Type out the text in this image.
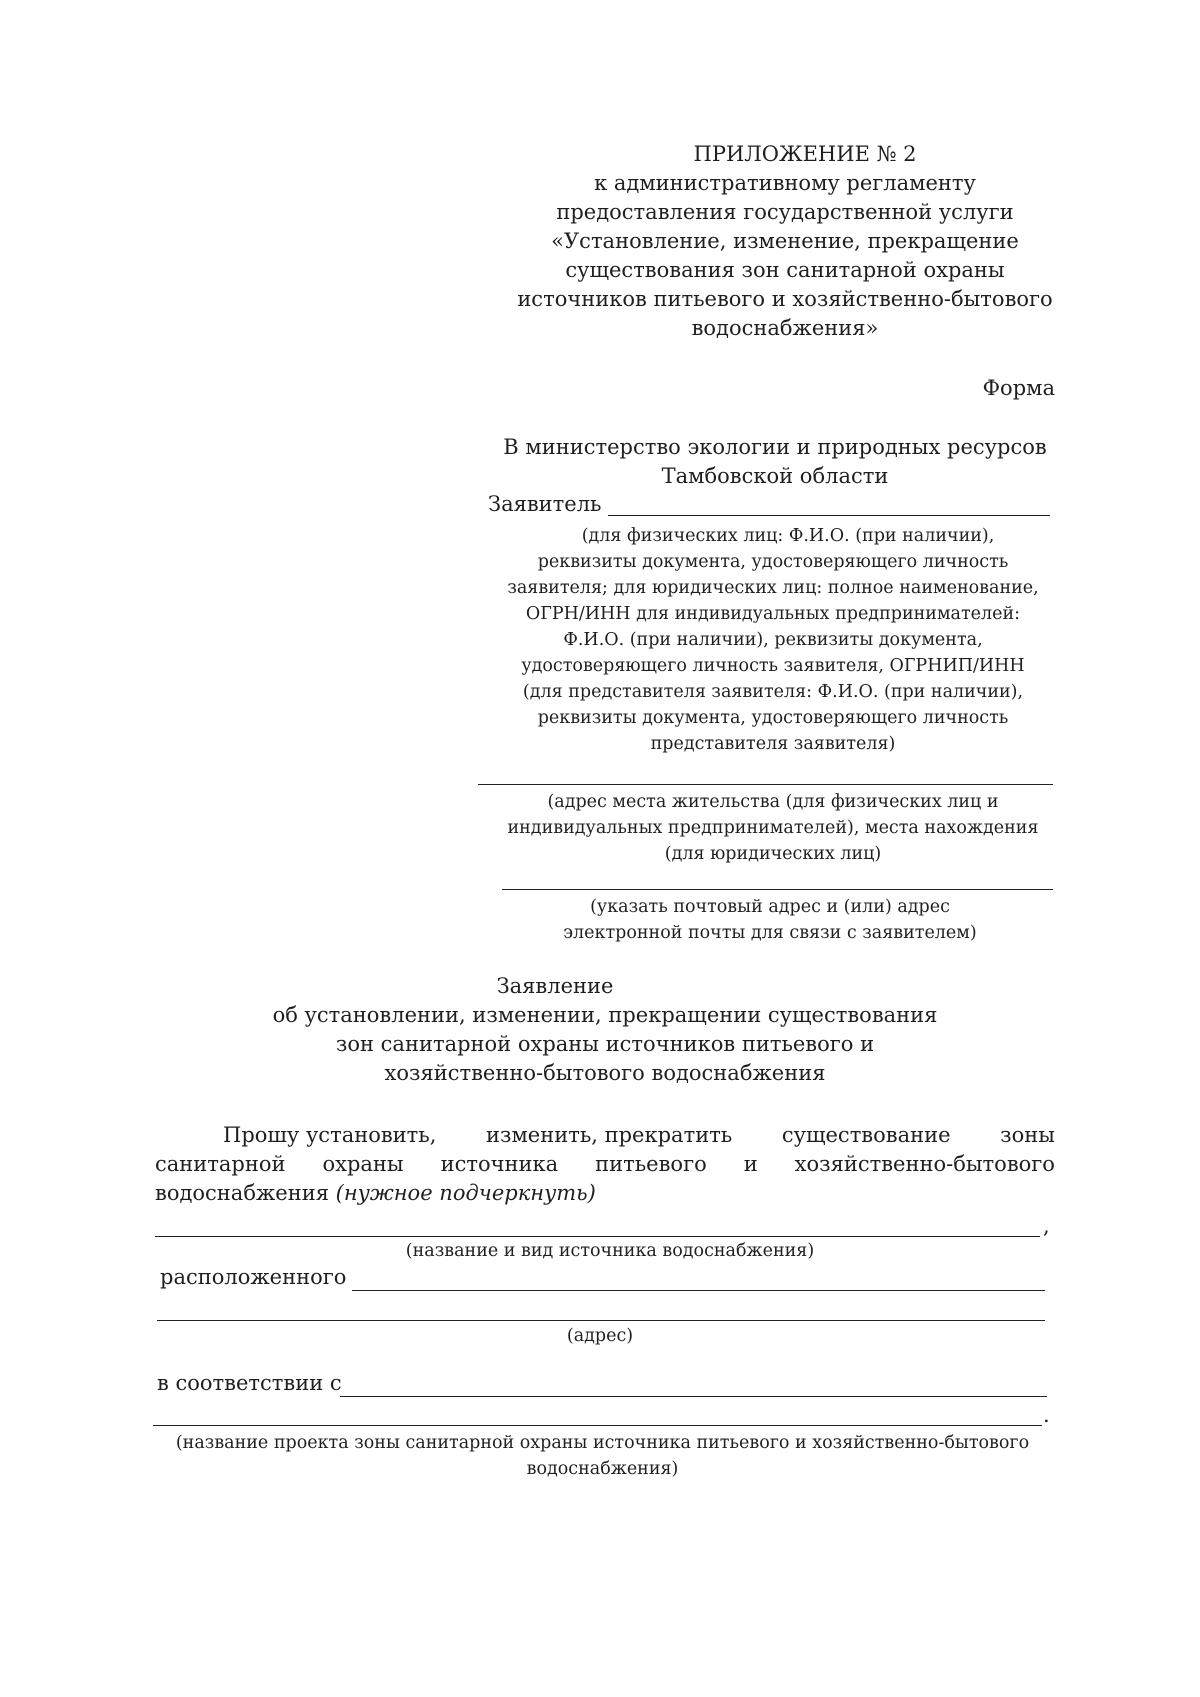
ПРИЛОЖЕНИЕ № 2
к административному регламенту
предоставления государственной услуги
«Установление, изменение, прекращение
существования зон санитарной охраны
источников питьевого и хозяйственно-бытового
водоснабжения»
Форма
В министерство экологии и природных ресурсов
Тамбовской области
Заявитель
(для физических лиц: Ф.И.О. (при наличии),
реквизиты документа, удостоверяющего личность
заявителя; для юридических лиц: полное наименование,
ОГРН/ИНН для индивидуальных предпринимателей:
Ф.И.О. (при наличии), реквизиты документа,
удостоверяющего личность заявителя, ОГРНИП/ИНН
(для представителя заявителя: Ф.И.О. (при наличии),
реквизиты документа, удостоверяющего личность
представителя заявителя)
(адрес места жительства (для физических лиц и
индивидуальных предпринимателей), места нахождения
(для юридических лиц)
(указать почтовый адрес и (или) адрес
электронной почты для связи с заявителем)
Заявление
об установлении, изменении, прекращении существования
зон санитарной охраны источников питьевого и
хозяйственно-бытового водоснабжения
Прошу установить, изменить, прекратить существование зоны
санитарной охраны источника питьевого и хозяйственно-бытового
водоснабжения (нужное подчеркнуть)
,
(название и вид источника водоснабжения)
расположенного
(адрес)
в соответствии с
.
(название проекта зоны санитарной охраны источника питьевого и хозяйственно-бытового
водоснабжения)
